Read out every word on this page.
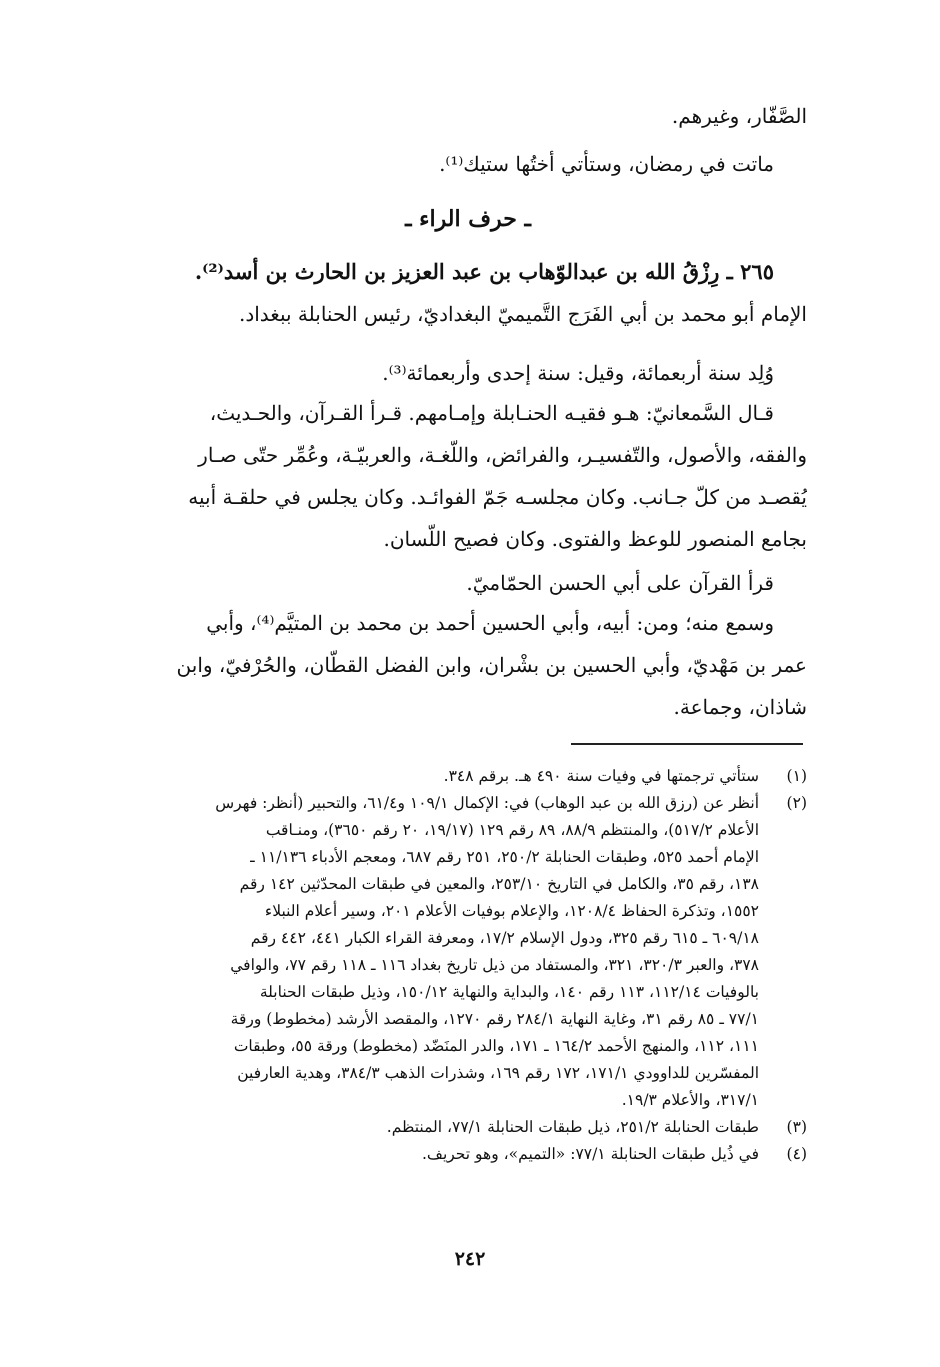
الصَّفّار، وغيرهم.

ماتت في رمضان، وستأتي أختُها ستيك⁽¹⁾.

ـ حرف الراء ـ

٢٦٥ ـ رِزْقُ الله بن عبدالوّهاب بن عبد العزيز بن الحارث بن أسد⁽²⁾.

الإمام أبو محمد بن أبي الفَرَج التَّميميّ البغداديّ، رئيس الحنابلة ببغداد.

وُلِد سنة أربعمائة، وقيل: سنة إحدى وأربعمائة⁽³⁾.

قـال السَّمعانيّ: هـو فقيـه الحنـابلة وإمـامهم. قـرأ القـرآن، والحـديث،

والفقه، والأصول، والتّفسيـر، والفرائض، واللّغـة، والعربيّـة، وعُمِّر حتّى صـار

يُقصـد من كلّ جـانب. وكان مجلسـه جَمّ الفوائـد. وكان يجلس في حلقـة أبيه

بجامع المنصور للوعظ والفتوى. وكان فصيح اللّسان.

قرأ القرآن على أبي الحسن الحمّاميّ.

وسمع منه؛ ومن: أبيه، وأبي الحسين أحمد بن محمد بن المتيَّم⁽⁴⁾، وأبي

عمر بن مَهْديّ، وأبي الحسين بن بشْران، وابن الفضل القطّان، والحُرْفيّ، وابن

شاذان، وجماعة.

(١)
ستأتي ترجمتها في وفيات سنة ٤٩٠ هـ. برقم ٣٤٨.
(٢)
أنظر عن (رزق الله بن عبد الوهاب) في: الإكمال ١٠٩/١ و٦١/٤، والتحبير (أنظر: فهرس
الأعلام ٥١٧/٢)، والمنتظم ٨٨/٩، ٨٩ رقم ١٢٩ (١٩/١٧، ٢٠ رقم ٣٦٥٠)، ومنـاقب
الإمام أحمد ٥٢٥، وطبقات الحنابلة ٢٥٠/٢، ٢٥١ رقم ٦٨٧، ومعجم الأدباء ١١/١٣٦ ـ
١٣٨، رقم ٣٥، والكامل في التاريخ ٢٥٣/١٠، والمعين في طبقات المحدّثين ١٤٢ رقم
١٥٥٢، وتذكرة الحفاظ ١٢٠٨/٤، والإعلام بوفيات الأعلام ٢٠١، وسير أعلام النبلاء
٦٠٩/١٨ ـ ٦١٥ رقم ٣٢٥، ودول الإسلام ١٧/٢، ومعرفة القراء الكبار ٤٤١، ٤٤٢ رقم
٣٧٨، والعبر ٣٢٠/٣، ٣٢١، والمستفاد من ذيل تاريخ بغداد ١١٦ ـ ١١٨ رقم ٧٧، والوافي
بالوفيات ١١٢/١٤، ١١٣ رقم ١٤٠، والبداية والنهاية ١٥٠/١٢، وذيل طبقات الحنابلة
٧٧/١ ـ ٨٥ رقم ٣١، وغاية النهاية ٢٨٤/١ رقم ١٢٧٠، والمقصد الأرشد (مخطوط) ورقة
١١١، ١١٢، والمنهج الأحمد ١٦٤/٢ ـ ١٧١، والدر المنَضّد (مخطوط) ورقة ٥٥، وطبقات
المفسّرين للداوودي ١٧١/١، ١٧٢ رقم ١٦٩، وشذرات الذهب ٣٨٤/٣، وهدية العارفين
٣١٧/١، والأعلام ١٩/٣.
(٣)
طبقات الحنابلة ٢٥١/٢، ذيل طبقات الحنابلة ٧٧/١، المنتظم.
(٤)
في ذُيل طبقات الحنابلة ٧٧/١: «التميم»، وهو تحريف.
٢٤٢
